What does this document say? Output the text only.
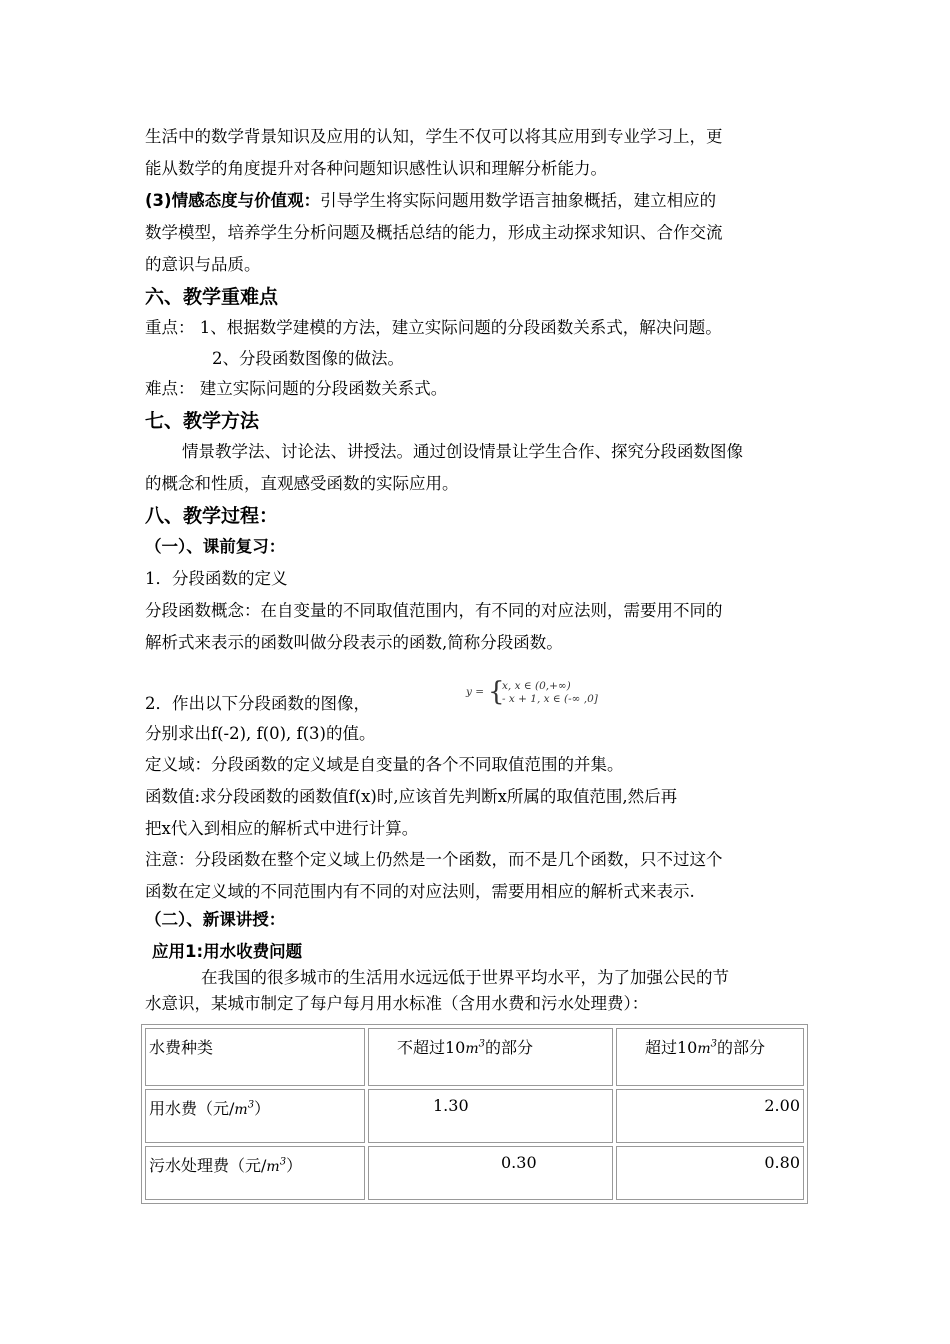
生活中的数学背景知识及应用的认知，学生不仅可以将其应用到专业学习上，更
能从数学的角度提升对各种问题知识感性认识和理解分析能力。
(3)情感态度与价值观：引导学生将实际问题用数学语言抽象概括，建立相应的
数学模型，培养学生分析问题及概括总结的能力，形成主动探求知识、合作交流
的意识与品质。
六、教学重难点
重点： 1、根据数学建模的方法，建立实际问题的分段函数关系式，解决问题。
2、分段函数图像的做法。
难点： 建立实际问题的分段函数关系式。
七、教学方法
情景教学法、讨论法、讲授法。通过创设情景让学生合作、探究分段函数图像
的概念和性质，直观感受函数的实际应用。
八、教学过程：
（一）、课前复习：
1．分段函数的定义
分段函数概念：在自变量的不同取值范围内，有不同的对应法则，需要用不同的
解析式来表示的函数叫做分段表示的函数,简称分段函数。
2．作出以下分段函数的图像，
y = {
x, x ∈ (0,+∞)
- x + 1, x ∈ (-∞ ,0]
分别求出f(-2), f(0), f(3)的值。
定义域：分段函数的定义域是自变量的各个不同取值范围的并集。
函数值:求分段函数的函数值f(x)时,应该首先判断x所属的取值范围,然后再
把x代入到相应的解析式中进行计算。
注意：分段函数在整个定义域上仍然是一个函数，而不是几个函数，只不过这个
函数在定义域的不同范围内有不同的对应法则，需要用相应的解析式来表示.
（二）、新课讲授：
应用1:用水收费问题
在我国的很多城市的生活用水远远低于世界平均水平，为了加强公民的节
水意识，某城市制定了每户每月用水标准（含用水费和污水处理费）：
水费种类	不超过$10m^3$的部分	超过$10m^3$的部分
用水费（元$/m^3$）	1.30	2.00
污水处理费（元$/m^3$）	0.30	0.80
